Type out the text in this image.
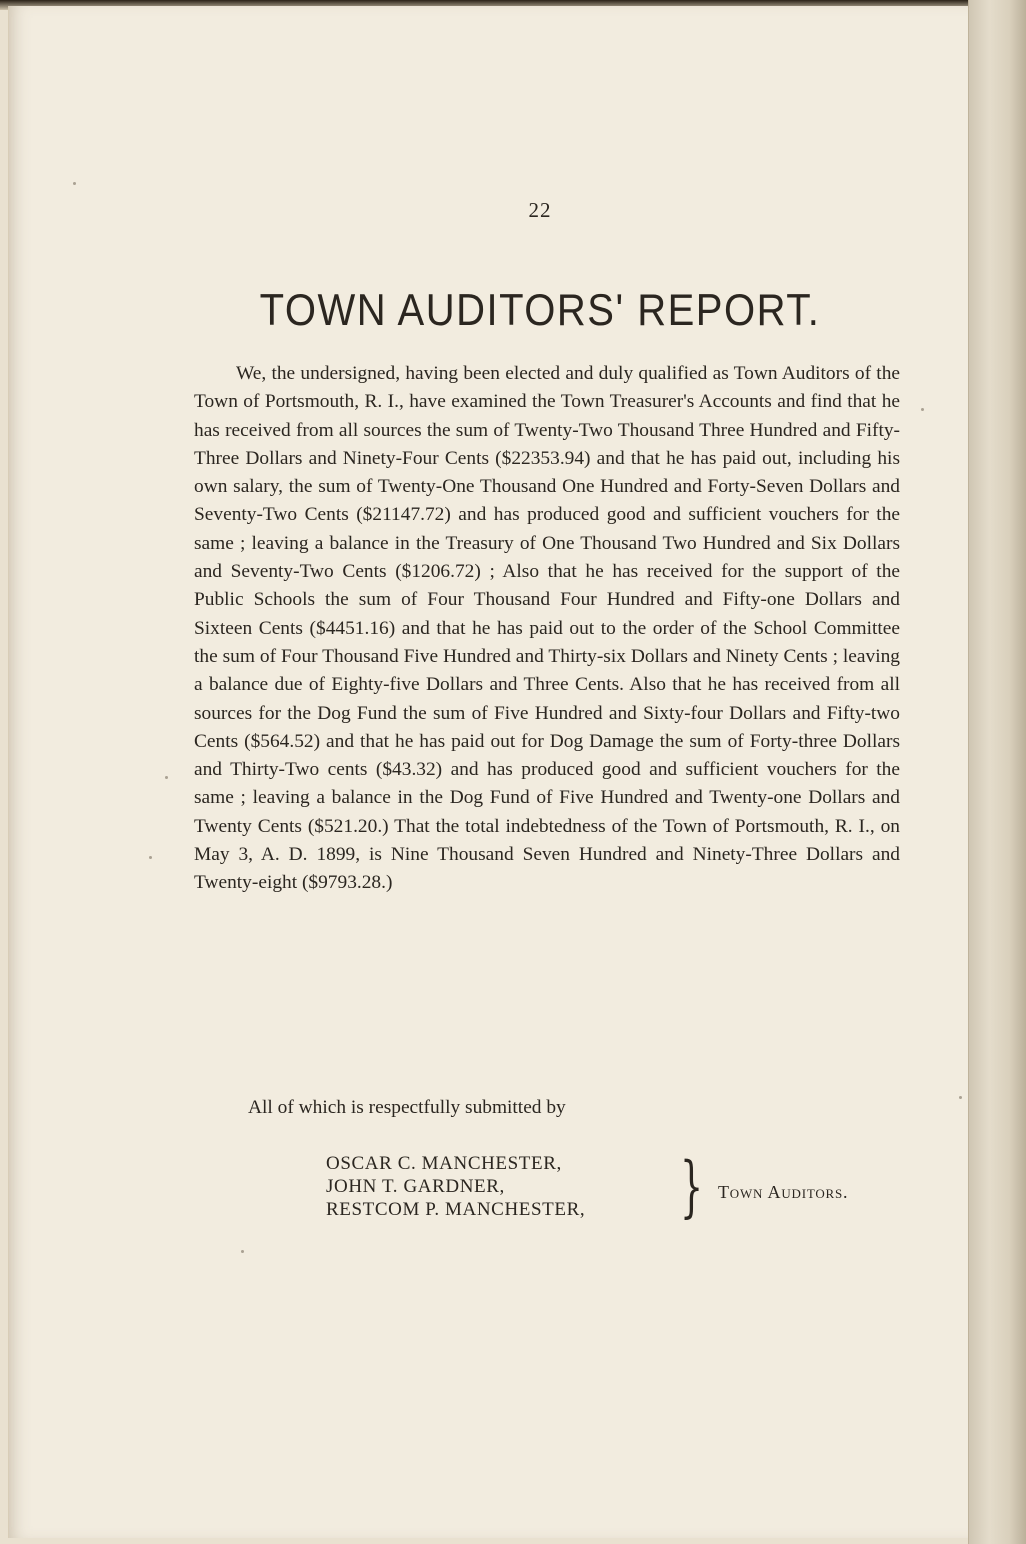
22
TOWN AUDITORS' REPORT.

We, the undersigned, having been elected and duly qualified as Town Auditors of the Town of Portsmouth, R. I., have examined the Town Treasurer's Accounts and find that he has received from all sources the sum of Twenty-Two Thousand Three Hundred and Fifty-Three Dollars and Ninety-Four Cents ($22353.94) and that he has paid out, including his own salary, the sum of Twenty-One Thousand One Hundred and Forty-Seven Dollars and Seventy-Two Cents ($21147.72) and has produced good and sufficient vouchers for the same ; leaving a balance in the Treasury of One Thousand Two Hundred and Six Dollars and Seventy-Two Cents ($1206.72) ; Also that he has received for the support of the Public Schools the sum of Four Thousand Four Hundred and Fifty-one Dollars and Sixteen Cents ($4451.16) and that he has paid out to the order of the School Committee the sum of Four Thousand Five Hundred and Thirty-six Dollars and Ninety Cents ; leaving a balance due of Eighty-five Dollars and Three Cents. Also that he has received from all sources for the Dog Fund the sum of Five Hundred and Sixty-four Dollars and Fifty-two Cents ($564.52) and that he has paid out for Dog Damage the sum of Forty-three Dollars and Thirty-Two cents ($43.32) and has produced good and sufficient vouchers for the same ; leaving a balance in the Dog Fund of Five Hundred and Twenty-one Dollars and Twenty Cents ($521.20.) That the total indebtedness of the Town of Portsmouth, R. I., on May 3, A. D. 1899, is Nine Thousand Seven Hundred and Ninety-Three Dollars and Twenty-eight ($9793.28.)

All of which is respectfully submitted by
OSCAR C. MANCHESTER,
JOHN T. GARDNER,
RESTCOM P. MANCHESTER,	} Town Auditors.
